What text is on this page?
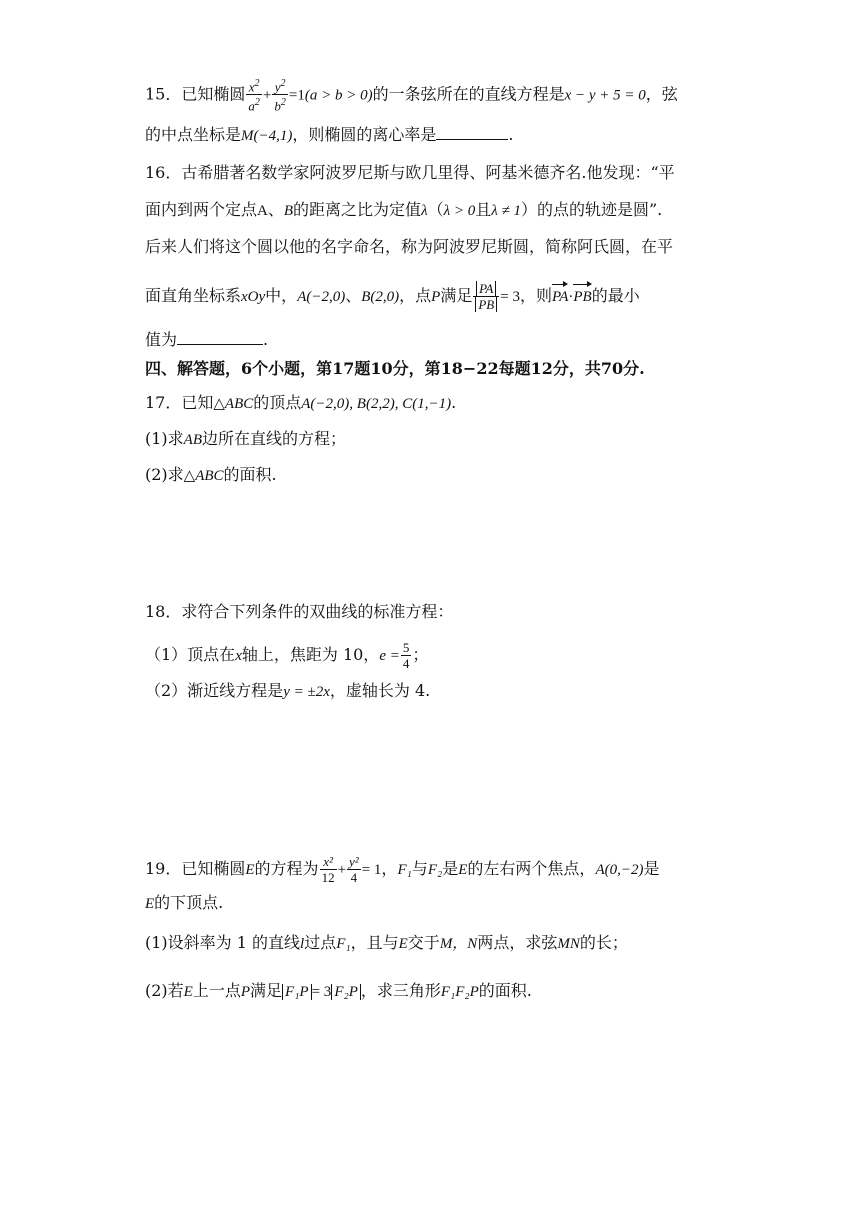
15．已知椭圆 $\frac{x^2}{a^2} + \frac{y^2}{b^2} =1(a > b > 0)$的一条弦所在的直线方程是x − y + 5 = 0，弦
的中点坐标是M(−4,1)，则椭圆的离心率是	.
16．古希腊著名数学家阿波罗尼斯与欧几里得、阿基米德齐名.他发现：“平
面内到两个定点A、B的距离之比为定值λ（λ > 0且λ ≠ 1）的点的轨迹是圆”.
后来人们将这个圆以他的名字命名，称为阿波罗尼斯圆，简称阿氏圆，在平
面直角坐标系xOy中，A(−2,0)、B(2,0)，点P满足 $\frac{PA}{PB} = 3$，则PA·PB的最小
值为	.
四、解答题，6个小题，第17题10分，第18−22每题12分，共70分.
17．已知△ABC的顶点A(−2,0), B(2,2), C(1,−1).
(1)求AB边所在直线的方程；
(2)求△ABC的面积.
18．求符合下列条件的双曲线的标准方程：
（1）顶点在x轴上，焦距为 10，$e = \frac{5}{4}$ ；
（2）渐近线方程是y = ±2x，虚轴长为 4.
19．已知椭圆E的方程为 $\frac{\text{x²}}{12} + \frac{\text{y²}}{4} = 1$，F₁与F₂是E的左右两个焦点，A(0,−2)是
E的下顶点.
(1)设斜率为 1 的直线l过点F₁，且与E交于M，N两点，求弦MN的长；
(2)若E上一点P满足 F₁P = 3 F₂P ，求三角形F₁F₂P的面积.
